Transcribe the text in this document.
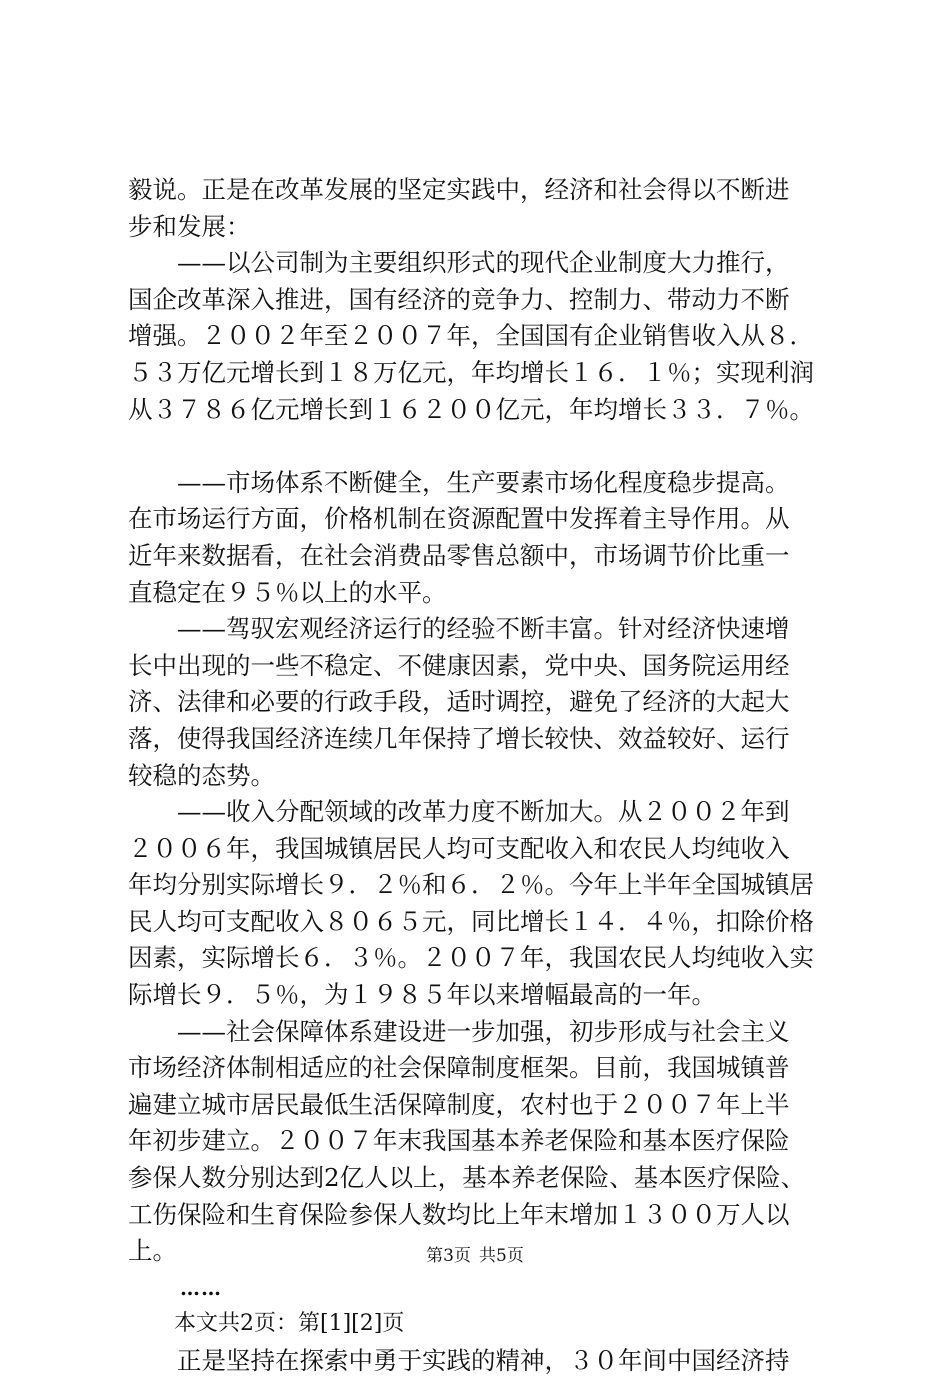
毅说。正是在改革发展的坚定实践中，经济和社会得以不断进
步和发展：
——以公司制为主要组织形式的现代企业制度大力推行，
国企改革深入推进，国有经济的竞争力、控制力、带动力不断
增强。２００２年至２００７年，全国国有企业销售收入从８．
５３万亿元增长到１８万亿元，年均增长１６．１％；实现利润
从３７８６亿元增长到１６２００亿元，年均增长３３．７％。
——市场体系不断健全，生产要素市场化程度稳步提高。
在市场运行方面，价格机制在资源配置中发挥着主导作用。从
近年来数据看，在社会消费品零售总额中，市场调节价比重一
直稳定在９５％以上的水平。
——驾驭宏观经济运行的经验不断丰富。针对经济快速增
长中出现的一些不稳定、不健康因素，党中央、国务院运用经
济、法律和必要的行政手段，适时调控，避免了经济的大起大
落，使得我国经济连续几年保持了增长较快、效益较好、运行
较稳的态势。
——收入分配领域的改革力度不断加大。从２００２年到
２００６年，我国城镇居民人均可支配收入和农民人均纯收入
年均分别实际增长９．２％和６．２％。今年上半年全国城镇居
民人均可支配收入８０６５元，同比增长１４．４％，扣除价格
因素，实际增长６．３％。２００７年，我国农民人均纯收入实
际增长９．５％，为１９８５年以来增幅最高的一年。
——社会保障体系建设进一步加强，初步形成与社会主义
市场经济体制相适应的社会保障制度框架。目前，我国城镇普
遍建立城市居民最低生活保障制度，农村也于２００７年上半
年初步建立。２００７年末我国基本养老保险和基本医疗保险
参保人数分别达到2亿人以上，基本养老保险、基本医疗保险、
工伤保险和生育保险参保人数均比上年末增加１３００万人以
上。
……
本文共2页：第[1][2]页
正是坚持在探索中勇于实践的精神，３０年间中国经济持
第3页 共5页
